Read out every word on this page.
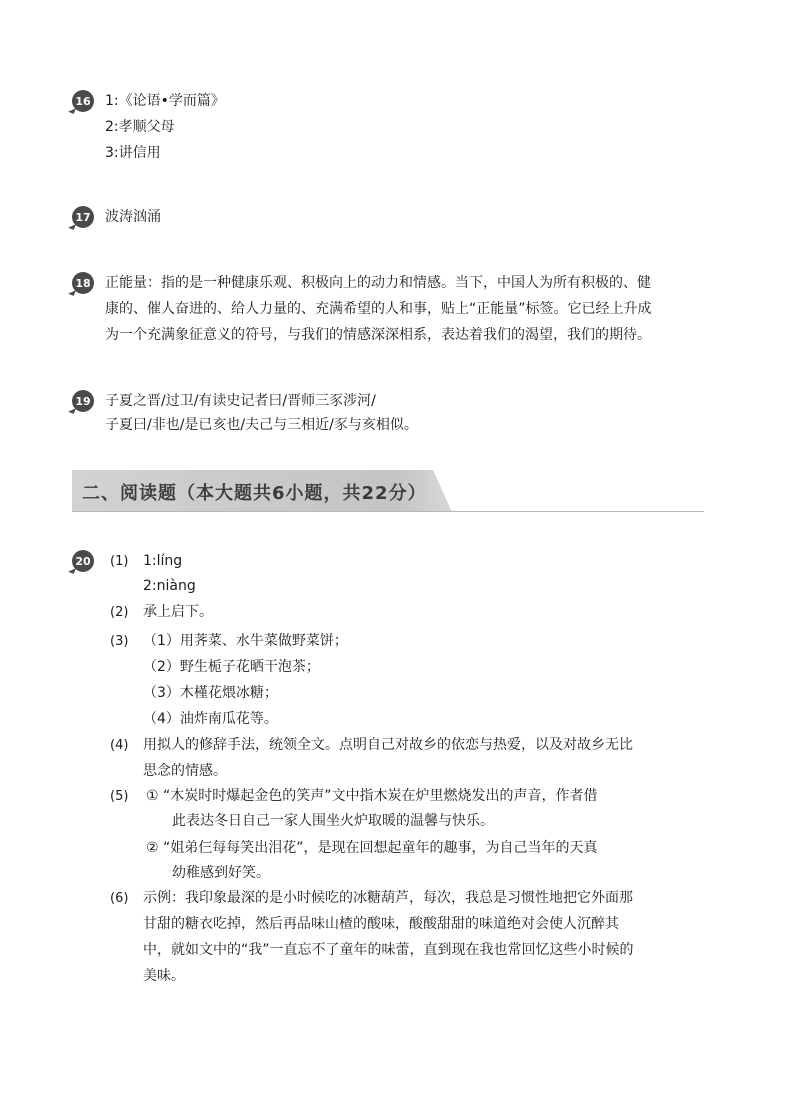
16 1:《论语•学而篇》
2:孝顺父母
3:讲信用
17 波涛汹涌
18 正能量：指的是一种健康乐观、积极向上的动力和情感。当下，中国人为所有积极的、健
康的、催人奋进的、给人力量的、充满希望的人和事，贴上“正能量”标签。它已经上升成
为一个充满象征意义的符号，与我们的情感深深相系，表达着我们的渴望，我们的期待。
19 子夏之晋/过卫/有读史记者曰/晋师三豕涉河/
子夏曰/非也/是已亥也/夫己与三相近/豕与亥相似。
二、阅读题（本大题共6小题，共22分）
20 (1) 1:líng
2:niàng
(2) 承上启下。
(3) （1）用荠菜、水牛菜做野菜饼；
（2）野生栀子花晒干泡茶；
（3）木槿花煨冰糖；
（4）油炸南瓜花等。
(4) 用拟人的修辞手法，统领全文。点明自己对故乡的依恋与热爱，以及对故乡无比
思念的情感。
(5) ① “木炭时时爆起金色的笑声”文中指木炭在炉里燃烧发出的声音，作者借
此表达冬日自己一家人围坐火炉取暖的温馨与快乐。
② “姐弟仨每每笑出泪花”，是现在回想起童年的趣事，为自己当年的天真
幼稚感到好笑。
(6) 示例：我印象最深的是小时候吃的冰糖葫芦，每次，我总是习惯性地把它外面那
甘甜的糖衣吃掉，然后再品味山楂的酸味，酸酸甜甜的味道绝对会使人沉醉其
中，就如文中的“我”一直忘不了童年的味蕾，直到现在我也常回忆这些小时候的
美味。
